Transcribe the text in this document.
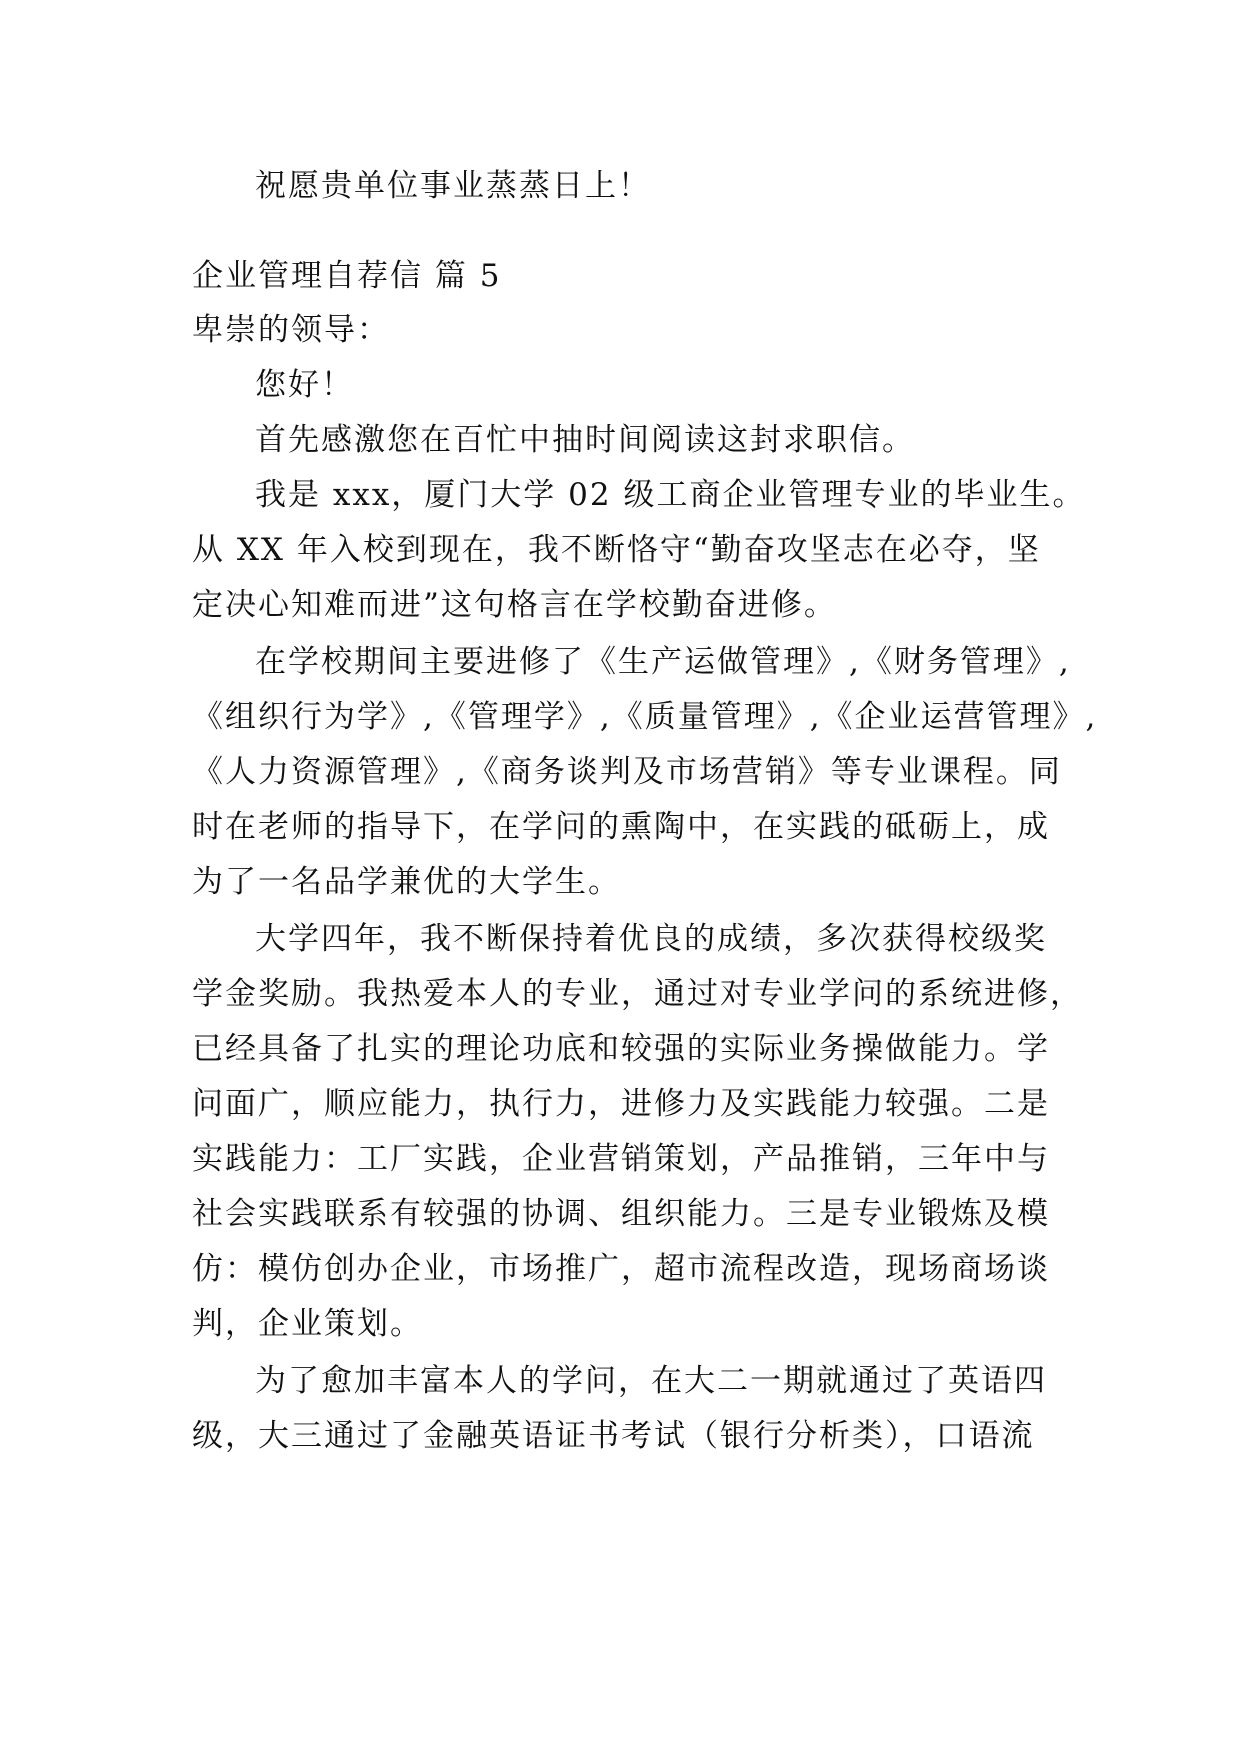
祝愿贵单位事业蒸蒸日上！
企业管理自荐信 篇 5
卑崇的领导：
您好！
首先感激您在百忙中抽时间阅读这封求职信。
我是 xxx，厦门大学 02 级工商企业管理专业的毕业生。
从 XX 年入校到现在，我不断恪守“勤奋攻坚志在必夺，坚
定决心知难而进”这句格言在学校勤奋进修。
在学校期间主要进修了《生产运做管理》,《财务管理》,
《组织行为学》,《管理学》,《质量管理》,《企业运营管理》,
《人力资源管理》,《商务谈判及市场营销》等专业课程。同
时在老师的指导下，在学问的熏陶中，在实践的砥砺上，成
为了一名品学兼优的大学生。
大学四年，我不断保持着优良的成绩，多次获得校级奖
学金奖励。我热爱本人的专业，通过对专业学问的系统进修，
已经具备了扎实的理论功底和较强的实际业务操做能力。学
问面广，顺应能力，执行力，进修力及实践能力较强。二是
实践能力：工厂实践，企业营销策划，产品推销，三年中与
社会实践联系有较强的协调、组织能力。三是专业锻炼及模
仿：模仿创办企业，市场推广，超市流程改造，现场商场谈
判，企业策划。
为了愈加丰富本人的学问，在大二一期就通过了英语四
级，大三通过了金融英语证书考试（银行分析类），口语流
